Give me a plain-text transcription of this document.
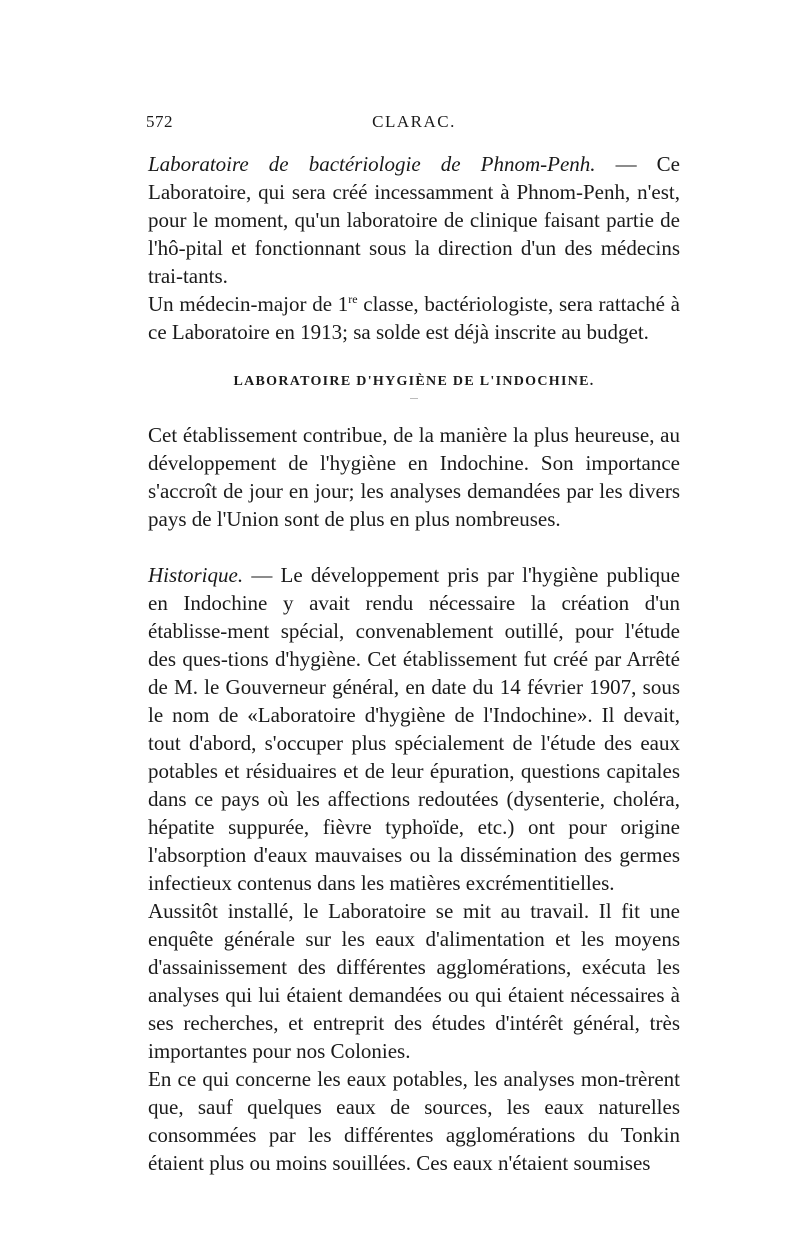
572	CLARAC.

Laboratoire de bactériologie de Phnom-Penh. — Ce Laboratoire, qui sera créé incessamment à Phnom-Penh, n'est, pour le moment, qu'un laboratoire de clinique faisant partie de l'hô-pital et fonctionnant sous la direction d'un des médecins trai-tants.

Un médecin-major de 1re classe, bactériologiste, sera rattaché à ce Laboratoire en 1913; sa solde est déjà inscrite au budget.

LABORATOIRE D'HYGIÈNE DE L'INDOCHINE.

Cet établissement contribue, de la manière la plus heureuse, au développement de l'hygiène en Indochine. Son importance s'accroît de jour en jour; les analyses demandées par les divers pays de l'Union sont de plus en plus nombreuses.

Historique. — Le développement pris par l'hygiène publique en Indochine y avait rendu nécessaire la création d'un établisse-ment spécial, convenablement outillé, pour l'étude des ques-tions d'hygiène. Cet établissement fut créé par Arrêté de M. le Gouverneur général, en date du 14 février 1907, sous le nom de «Laboratoire d'hygiène de l'Indochine». Il devait, tout d'abord, s'occuper plus spécialement de l'étude des eaux potables et résiduaires et de leur épuration, questions capitales dans ce pays où les affections redoutées (dysenterie, choléra, hépatite suppurée, fièvre typhoïde, etc.) ont pour origine l'absorption d'eaux mauvaises ou la dissémination des germes infectieux contenus dans les matières excrémentitielles.

Aussitôt installé, le Laboratoire se mit au travail. Il fit une enquête générale sur les eaux d'alimentation et les moyens d'assainissement des différentes agglomérations, exécuta les analyses qui lui étaient demandées ou qui étaient nécessaires à ses recherches, et entreprit des études d'intérêt général, très importantes pour nos Colonies.

En ce qui concerne les eaux potables, les analyses mon-trèrent que, sauf quelques eaux de sources, les eaux naturelles consommées par les différentes agglomérations du Tonkin étaient plus ou moins souillées. Ces eaux n'étaient soumises
